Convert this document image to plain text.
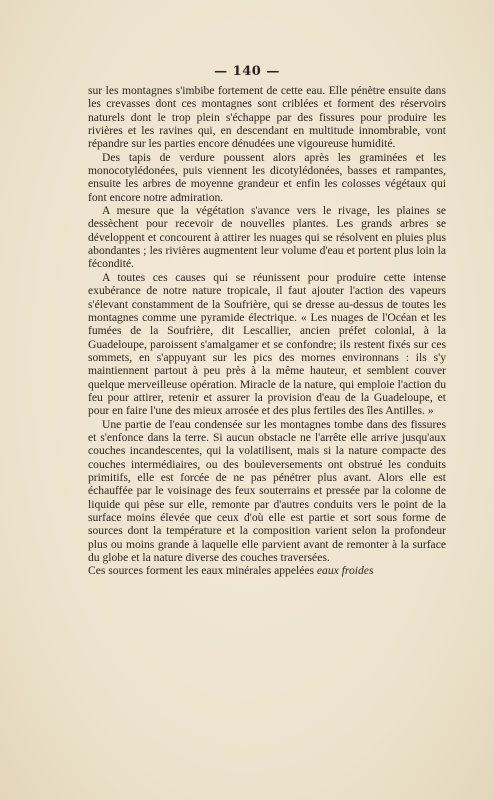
— 140 —

sur les montagnes s'imbibe fortement de cette eau. Elle pénètre ensuite dans les crevasses dont ces montagnes sont criblées et forment des réservoirs naturels dont le trop plein s'échappe par des fissures pour produire les rivières et les ravines qui, en descendant en multitude innombrable, vont répandre sur les parties encore dénudées une vigoureuse humidité.

Des tapis de verdure poussent alors après les graminées et les monocotylédonées, puis viennent les dicotylédonées, basses et rampantes, ensuite les arbres de moyenne grandeur et enfin les colosses végétaux qui font encore notre admiration.

A mesure que la végétation s'avance vers le rivage, les plaines se dessèchent pour recevoir de nouvelles plantes. Les grands arbres se développent et concourent à attirer les nuages qui se résolvent en pluies plus abondantes ; les rivières augmentent leur volume d'eau et portent plus loin la fécondité.

A toutes ces causes qui se réunissent pour produire cette intense exubérance de notre nature tropicale, il faut ajouter l'action des vapeurs s'élevant constamment de la Soufrière, qui se dresse au-dessus de toutes les montagnes comme une pyramide électrique. « Les nuages de l'Océan et les fumées de la Soufrière, dit Lescallier, ancien préfet colonial, à la Guadeloupe, paroissent s'amalgamer et se confondre; ils restent fixés sur ces sommets, en s'appuyant sur les pics des mornes environnans : ils s'y maintiennent partout à peu près à la même hauteur, et semblent couver quelque merveilleuse opération. Miracle de la nature, qui emploie l'action du feu pour attirer, retenir et assurer la provision d'eau de la Guadeloupe, et pour en faire l'une des mieux arrosée et des plus fertiles des îles Antilles. »

Une partie de l'eau condensée sur les montagnes tombe dans des fissures et s'enfonce dans la terre. Si aucun obstacle ne l'arrête elle arrive jusqu'aux couches incandescentes, qui la volatilisent, mais si la nature compacte des couches intermédiaires, ou des bouleversements ont obstrué les conduits primitifs, elle est forcée de ne pas pénétrer plus avant. Alors elle est échauffée par le voisinage des feux souterrains et pressée par la colonne de liquide qui pèse sur elle, remonte par d'autres conduits vers le point de la surface moins élevée que ceux d'où elle est partie et sort sous forme de sources dont la température et la composition varient selon la profondeur plus ou moins grande à laquelle elle parvient avant de remonter à la surface du globe et la nature diverse des couches traversées.

Ces sources forment les eaux minérales appelées eaux froides
